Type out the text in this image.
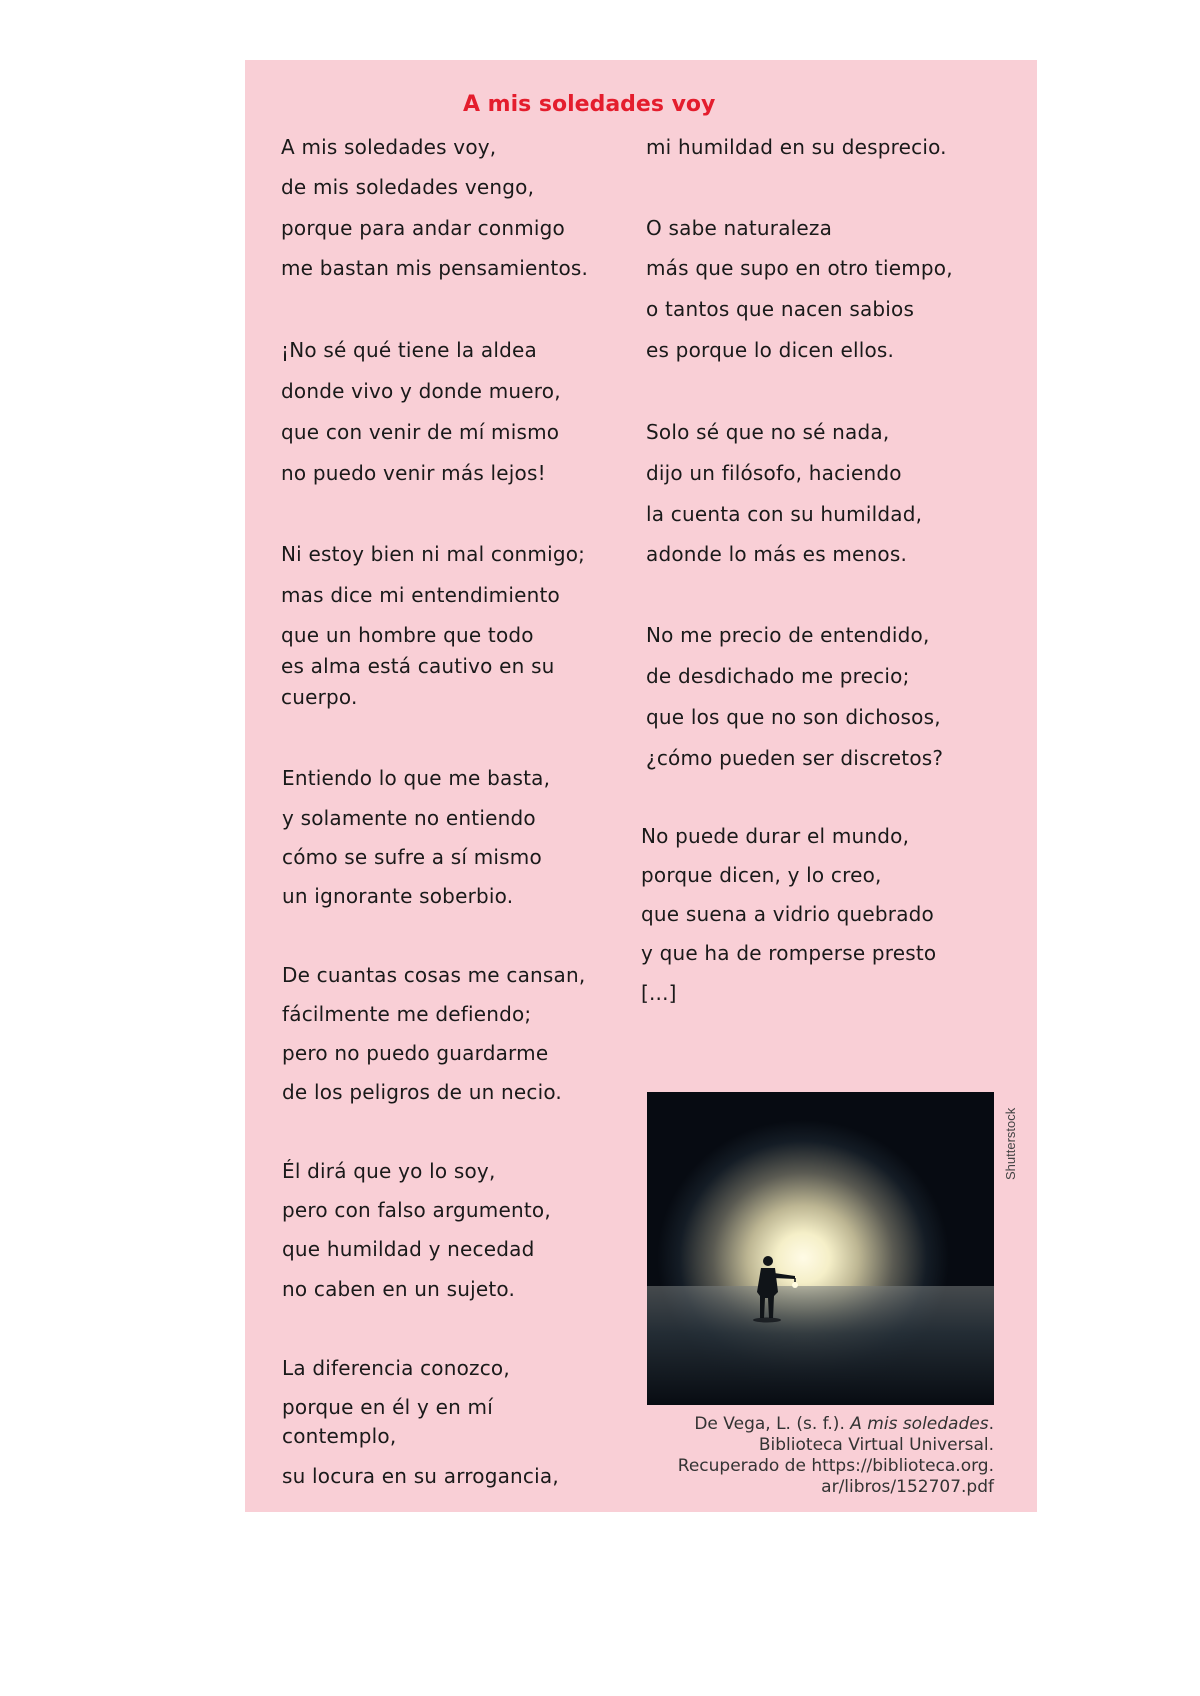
A mis soledades voy
A mis soledades voy,
de mis soledades vengo,
porque para andar conmigo
me bastan mis pensamientos.
¡No sé qué tiene la aldea
donde vivo y donde muero,
que con venir de mí mismo
no puedo venir más lejos!
Ni estoy bien ni mal conmigo;
mas dice mi entendimiento
que un hombre que todo
es alma está cautivo en su
cuerpo.
Entiendo lo que me basta,
y solamente no entiendo
cómo se sufre a sí mismo
un ignorante soberbio.
De cuantas cosas me cansan,
fácilmente me defiendo;
pero no puedo guardarme
de los peligros de un necio.
Él dirá que yo lo soy,
pero con falso argumento,
que humildad y necedad
no caben en un sujeto.
La diferencia conozco,
porque en él y en mí
contemplo,
su locura en su arrogancia,
mi humildad en su desprecio.
O sabe naturaleza
más que supo en otro tiempo,
o tantos que nacen sabios
es porque lo dicen ellos.
Solo sé que no sé nada,
dijo un filósofo, haciendo
la cuenta con su humildad,
adonde lo más es menos.
No me precio de entendido,
de desdichado me precio;
que los que no son dichosos,
¿cómo pueden ser discretos?
No puede durar el mundo,
porque dicen, y lo creo,
que suena a vidrio quebrado
y que ha de romperse presto
[...]
Shutterstock
De Vega, L. (s. f.). A mis soledades.
Biblioteca Virtual Universal.
Recuperado de https://biblioteca.org.
ar/libros/152707.pdf
